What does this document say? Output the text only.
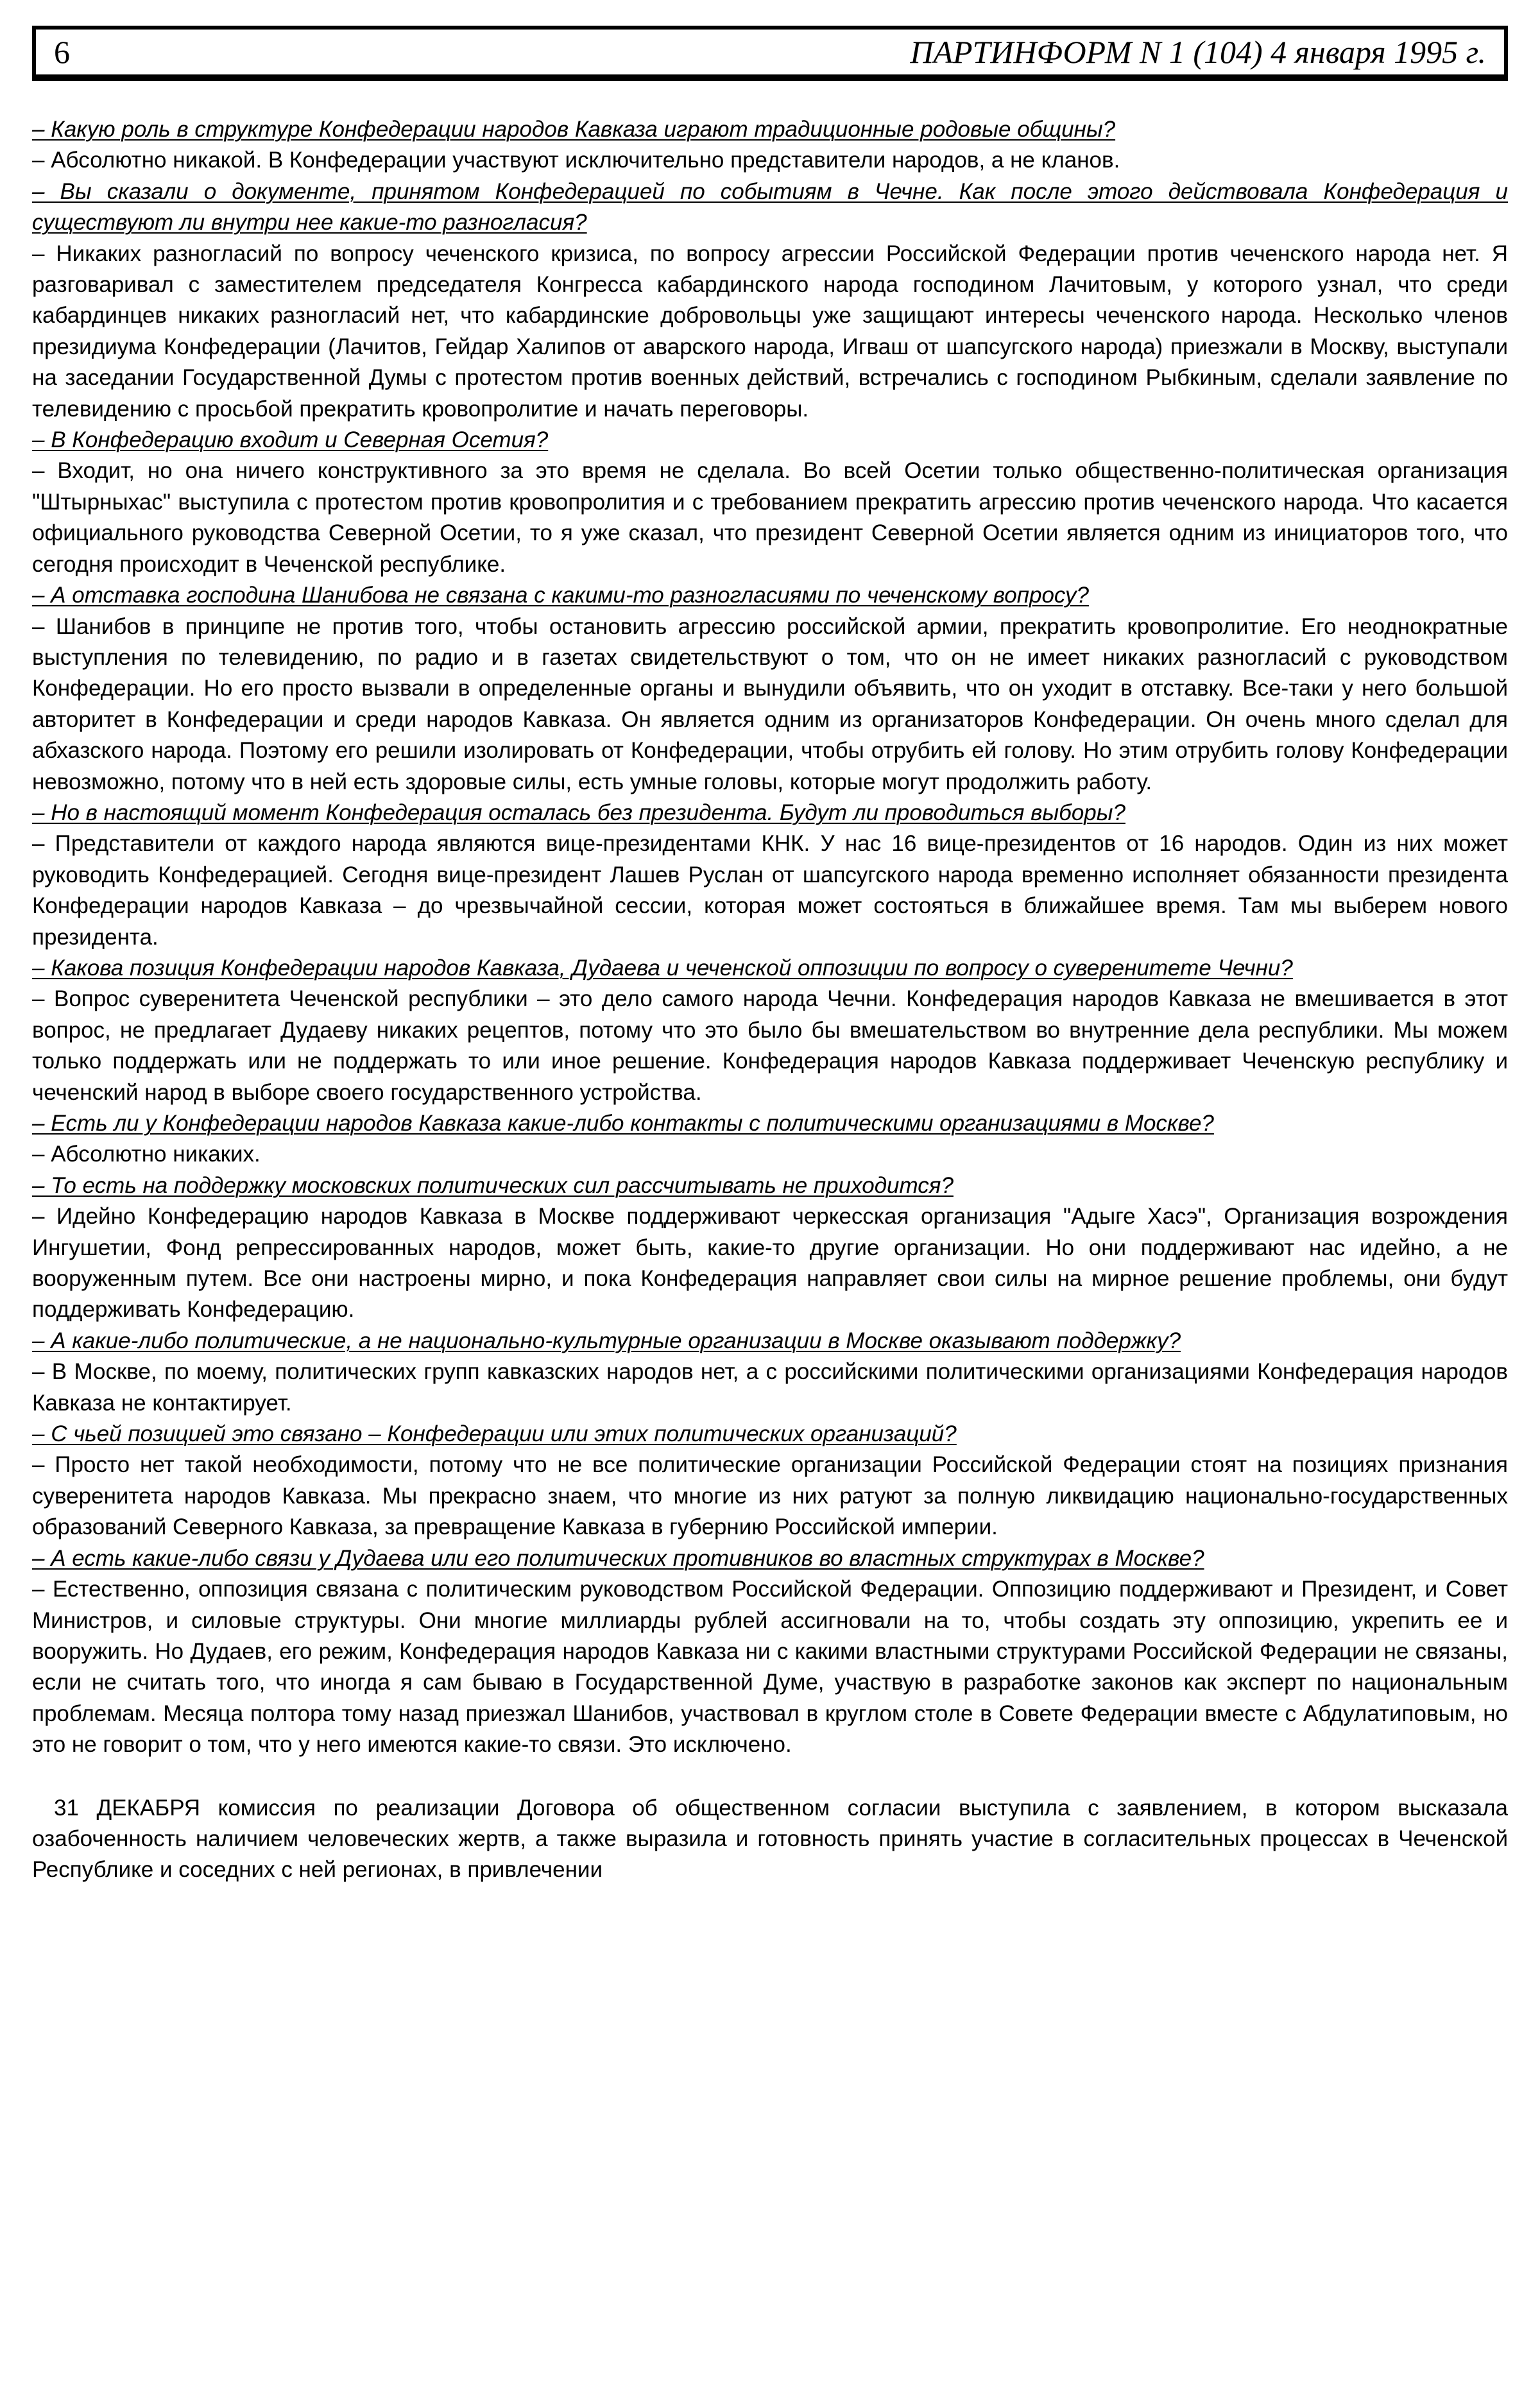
6	ПАРТИНФОРМ N 1 (104) 4 января 1995 г.

– Какую роль в структуре Конфедерации народов Кавказа играют традиционные родовые общины?

– Абсолютно никакой. В Конфедерации участвуют исключительно представители народов, а не кланов.

– Вы сказали о документе, принятом Конфедерацией по событиям в Чечне. Как после этого действовала Конфедерация и существуют ли внутри нее какие-то разногласия?

– Никаких разногласий по вопросу чеченского кризиса, по вопросу агрессии Российской Федерации против чеченского народа нет. Я разговаривал с заместителем председателя Конгресса кабардинского народа господином Лачитовым, у которого узнал, что среди кабардинцев никаких разногласий нет, что кабардинские добровольцы уже защищают интересы чеченского народа. Несколько членов президиума Конфедерации (Лачитов, Гейдар Халипов от аварского народа, Игваш от шапсугского народа) приезжали в Москву, выступали на заседании Государственной Думы с протестом против военных действий, встречались с господином Рыбкиным, сделали заявление по телевидению с просьбой прекратить кровопролитие и начать переговоры.

– В Конфедерацию входит и Северная Осетия?

– Входит, но она ничего конструктивного за это время не сделала. Во всей Осетии только общественно-политическая организация "Штырныхас" выступила с протестом против кровопролития и с требованием прекратить агрессию против чеченского народа. Что касается официального руководства Северной Осетии, то я уже сказал, что президент Северной Осетии является одним из инициаторов того, что сегодня происходит в Чеченской республике.

– А отставка господина Шанибова не связана с какими-то разногласиями по чеченскому вопросу?

– Шанибов в принципе не против того, чтобы остановить агрессию российской армии, прекратить кровопролитие. Его неоднократные выступления по телевидению, по радио и в газетах свидетельствуют о том, что он не имеет никаких разногласий с руководством Конфедерации. Но его просто вызвали в определенные органы и вынудили объявить, что он уходит в отставку. Все-таки у него большой авторитет в Конфедерации и среди народов Кавказа. Он является одним из организаторов Конфедерации. Он очень много сделал для абхазского народа. Поэтому его решили изолировать от Конфедерации, чтобы отрубить ей голову. Но этим отрубить голову Конфедерации невозможно, потому что в ней есть здоровые силы, есть умные головы, которые могут продолжить работу.

– Но в настоящий момент Конфедерация осталась без президента. Будут ли проводиться выборы?

– Представители от каждого народа являются вице-президентами КНК. У нас 16 вице-президентов от 16 народов. Один из них может руководить Конфедерацией. Сегодня вице-президент Лашев Руслан от шапсугского народа временно исполняет обязанности президента Конфедерации народов Кавказа – до чрезвычайной сессии, которая может состояться в ближайшее время. Там мы выберем нового президента.

– Какова позиция Конфедерации народов Кавказа, Дудаева и чеченской оппозиции по вопросу о суверенитете Чечни?

– Вопрос суверенитета Чеченской республики – это дело самого народа Чечни. Конфедерация народов Кавказа не вмешивается в этот вопрос, не предлагает Дудаеву никаких рецептов, потому что это было бы вмешательством во внутренние дела республики. Мы можем только поддержать или не поддержать то или иное решение. Конфедерация народов Кавказа поддерживает Чеченскую республику и чеченский народ в выборе своего государственного устройства.

– Есть ли у Конфедерации народов Кавказа какие-либо контакты с политическими организациями в Москве?

– Абсолютно никаких.

– То есть на поддержку московских политических сил рассчитывать не приходится?

– Идейно Конфедерацию народов Кавказа в Москве поддерживают черкесская организация "Адыге Хасэ", Организация возрождения Ингушетии, Фонд репрессированных народов, может быть, какие-то другие организации. Но они поддерживают нас идейно, а не вооруженным путем. Все они настроены мирно, и пока Конфедерация направляет свои силы на мирное решение проблемы, они будут поддерживать Конфедерацию.

– А какие-либо политические, а не национально-культурные организации в Москве оказывают поддержку?

– В Москве, по моему, политических групп кавказских народов нет, а с российскими политическими организациями Конфедерация народов Кавказа не контактирует.

– С чьей позицией это связано – Конфедерации или этих политических организаций?

– Просто нет такой необходимости, потому что не все политические организации Российской Федерации стоят на позициях признания суверенитета народов Кавказа. Мы прекрасно знаем, что многие из них ратуют за полную ликвидацию национально-государственных образований Северного Кавказа, за превращение Кавказа в губернию Российской империи.

– А есть какие-либо связи у Дудаева или его политических противников во властных структурах в Москве?

– Естественно, оппозиция связана с политическим руководством Российской Федерации. Оппозицию поддерживают и Президент, и Совет Министров, и силовые структуры. Они многие миллиарды рублей ассигновали на то, чтобы создать эту оппозицию, укрепить ее и вооружить. Но Дудаев, его режим, Конфедерация народов Кавказа ни с какими властными структурами Российской Федерации не связаны, если не считать того, что иногда я сам бываю в Государственной Думе, участвую в разработке законов как эксперт по национальным проблемам. Месяца полтора тому назад приезжал Шанибов, участвовал в круглом столе в Совете Федерации вместе с Абдулатиповым, но это не говорит о том, что у него имеются какие-то связи. Это исключено.

31 ДЕКАБРЯ комиссия по реализации Договора об общественном согласии выступила с заявлением, в котором высказала озабоченность наличием человеческих жертв, а также выразила и готовность принять участие в согласительных процессах в Чеченской Республике и соседних с ней регионах, в привлечении
